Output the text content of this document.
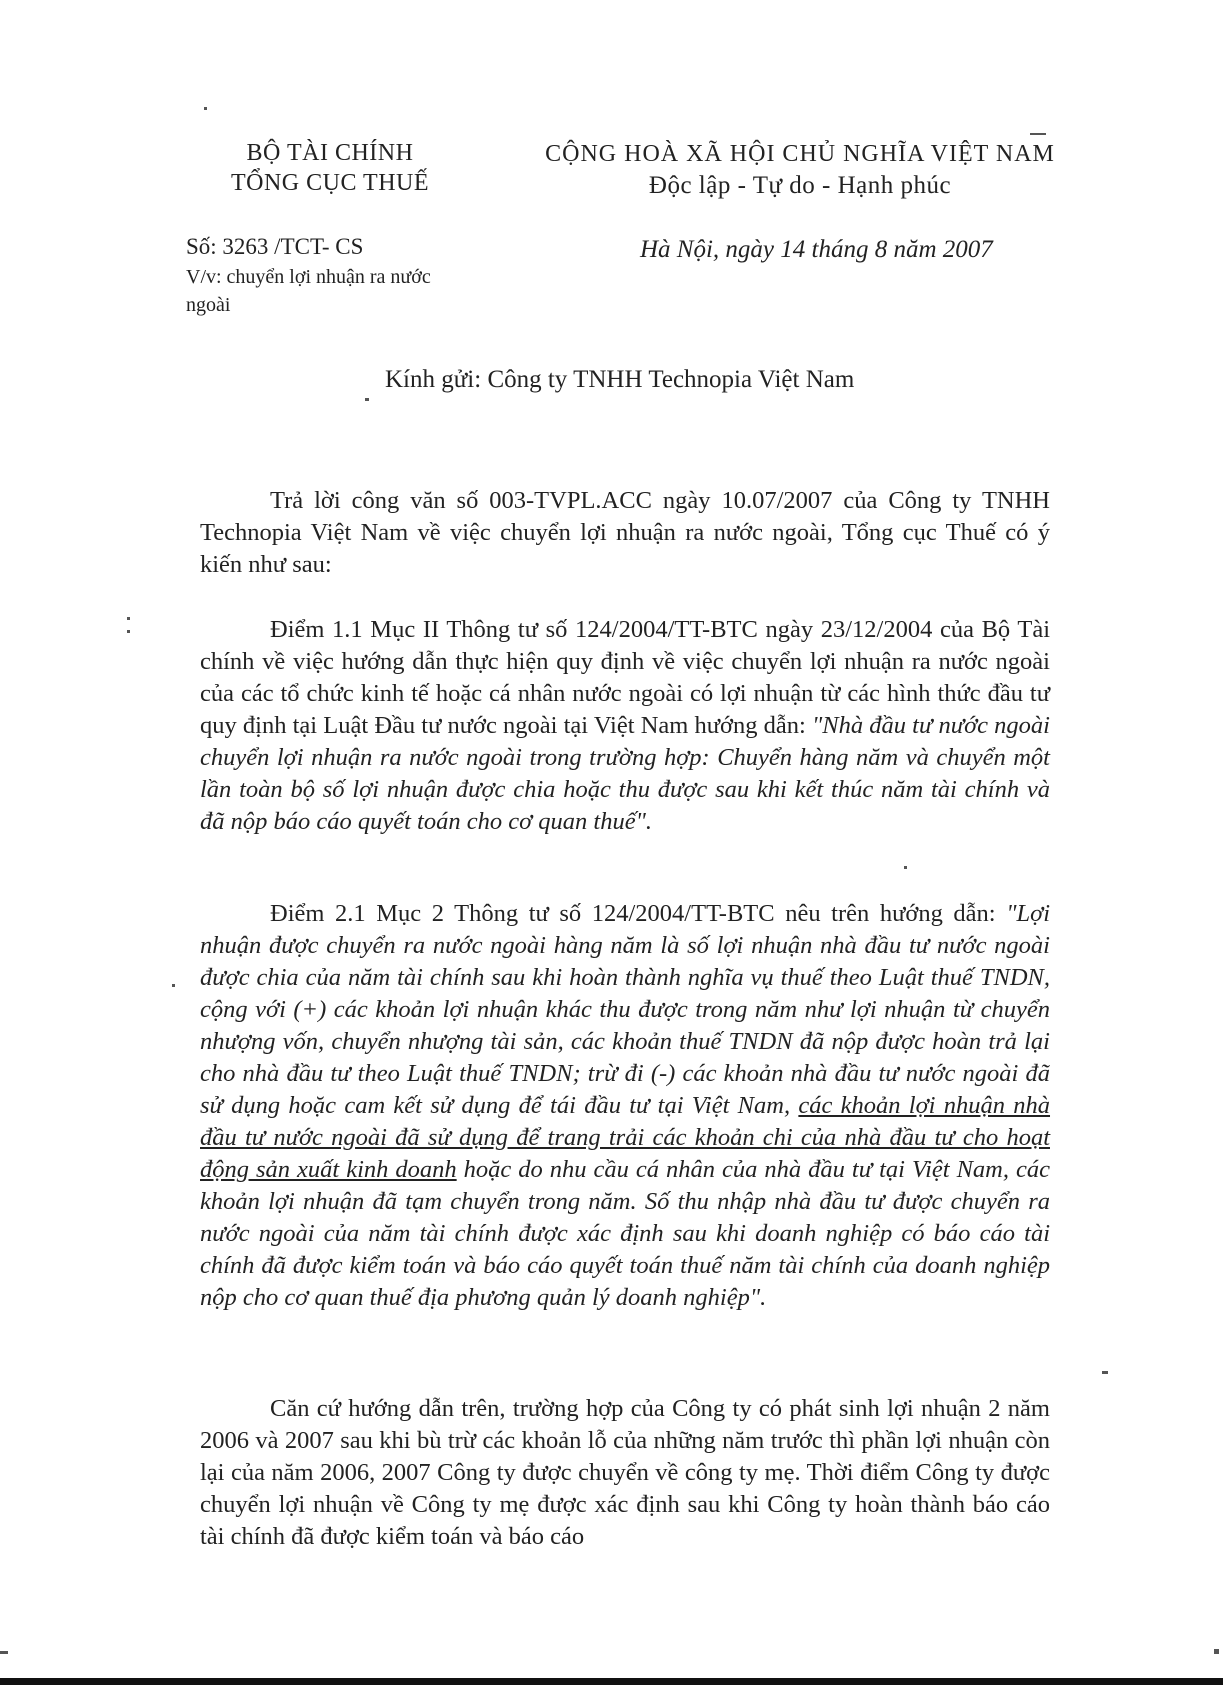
BỘ TÀI CHÍNH
TỔNG CỤC THUẾ
CỘNG HOÀ XÃ HỘI CHỦ NGHĨA VIỆT NAM
Độc lập - Tự do - Hạnh phúc
Số: 3263 /TCT- CS
V/v: chuyển lợi nhuận ra nước ngoài
Hà Nội, ngày 14 tháng 8 năm 2007
Kính gửi: Công ty TNHH Technopia Việt Nam
Trả lời công văn số 003-TVPL.ACC ngày 10.07/2007 của Công ty TNHH Technopia Việt Nam về việc chuyển lợi nhuận ra nước ngoài, Tổng cục Thuế có ý kiến như sau:
Điểm 1.1 Mục II Thông tư số 124/2004/TT-BTC ngày 23/12/2004 của Bộ Tài chính về việc hướng dẫn thực hiện quy định về việc chuyển lợi nhuận ra nước ngoài của các tổ chức kinh tế hoặc cá nhân nước ngoài có lợi nhuận từ các hình thức đầu tư quy định tại Luật Đầu tư nước ngoài tại Việt Nam hướng dẫn: "Nhà đầu tư nước ngoài chuyển lợi nhuận ra nước ngoài trong trường hợp: Chuyển hàng năm và chuyển một lần toàn bộ số lợi nhuận được chia hoặc thu được sau khi kết thúc năm tài chính và đã nộp báo cáo quyết toán cho cơ quan thuế".
Điểm 2.1 Mục 2 Thông tư số 124/2004/TT-BTC nêu trên hướng dẫn: "Lợi nhuận được chuyển ra nước ngoài hàng năm là số lợi nhuận nhà đầu tư nước ngoài được chia của năm tài chính sau khi hoàn thành nghĩa vụ thuế theo Luật thuế TNDN, cộng với (+) các khoản lợi nhuận khác thu được trong năm như lợi nhuận từ chuyển nhượng vốn, chuyển nhượng tài sản, các khoản thuế TNDN đã nộp được hoàn trả lại cho nhà đầu tư theo Luật thuế TNDN; trừ đi (-) các khoản nhà đầu tư nước ngoài đã sử dụng hoặc cam kết sử dụng để tái đầu tư tại Việt Nam, các khoản lợi nhuận nhà đầu tư nước ngoài đã sử dụng để trang trải các khoản chi của nhà đầu tư cho hoạt động sản xuất kinh doanh hoặc do nhu cầu cá nhân của nhà đầu tư tại Việt Nam, các khoản lợi nhuận đã tạm chuyển trong năm. Số thu nhập nhà đầu tư được chuyển ra nước ngoài của năm tài chính được xác định sau khi doanh nghiệp có báo cáo tài chính đã được kiểm toán và báo cáo quyết toán thuế năm tài chính của doanh nghiệp nộp cho cơ quan thuế địa phương quản lý doanh nghiệp".
Căn cứ hướng dẫn trên, trường hợp của Công ty có phát sinh lợi nhuận 2 năm 2006 và 2007 sau khi bù trừ các khoản lỗ của những năm trước thì phần lợi nhuận còn lại của năm 2006, 2007 Công ty được chuyển về công ty mẹ. Thời điểm Công ty được chuyển lợi nhuận về Công ty mẹ được xác định sau khi Công ty hoàn thành báo cáo tài chính đã được kiểm toán và báo cáo
